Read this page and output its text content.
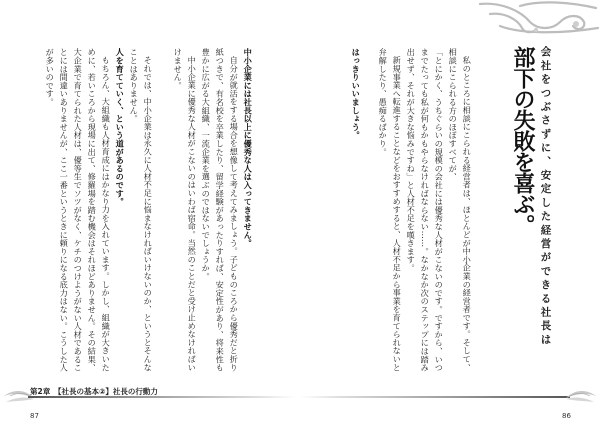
中小企業には社長以上に優秀な人は入ってきません。
自分が就活をする場合を想像して考えてみましょう。子どものころから優秀だと折り
紙つきで、有名校を卒業したり、留学経験があったりすれば、安定性があり、将来性も
豊かに広がる大組織、一流企業を選ぶのではないでしょうか。
中小企業に優秀な人材がこないのはいわば宿命。当然のことだと受け止めなければい
けません。
それでは、中小企業は永久に人材不足に悩まなければいけないのか、というとそんな
ことはありません。
人を育てていく、という道があるのです。
もちろん、大組織も人材育成にはかなり力を入れています。しかし、組織が大きいた
めに、若いころから現場に出て、修羅場を踏む機会はそれほどありません。その結果、
大企業で育てられた人材は、優等生でソツがなく、ケチのつけようがない人材であるこ
とには間違いありませんが、ここ一番というときに頼りになる底力はない。こうした人
が多いのです。
第2章　【社長の基本②】社長の行動力
87
会社をつぶさずに、安定した経営ができる社長は
部下の失敗を喜ぶ。
私のところに相談にこられる経営者は、ほとんどが中小企業の経営者です。そして、
相談にこられる方のほぼすべてが、
「とにかく、うちぐらいの規模の会社には優秀な人材がこないのです。ですから、いつ
までたっても私が何もかもやらなければならない……。なかなか次のステップには踏み
出せず、それが大きな悩みですね」と人材不足を嘆きます。
新規事業へ転進することなどをおすすめすると、人材不足から事業を育てられないと
弁解したり、愚痴るばかり。
はっきりいいましょう。
86
